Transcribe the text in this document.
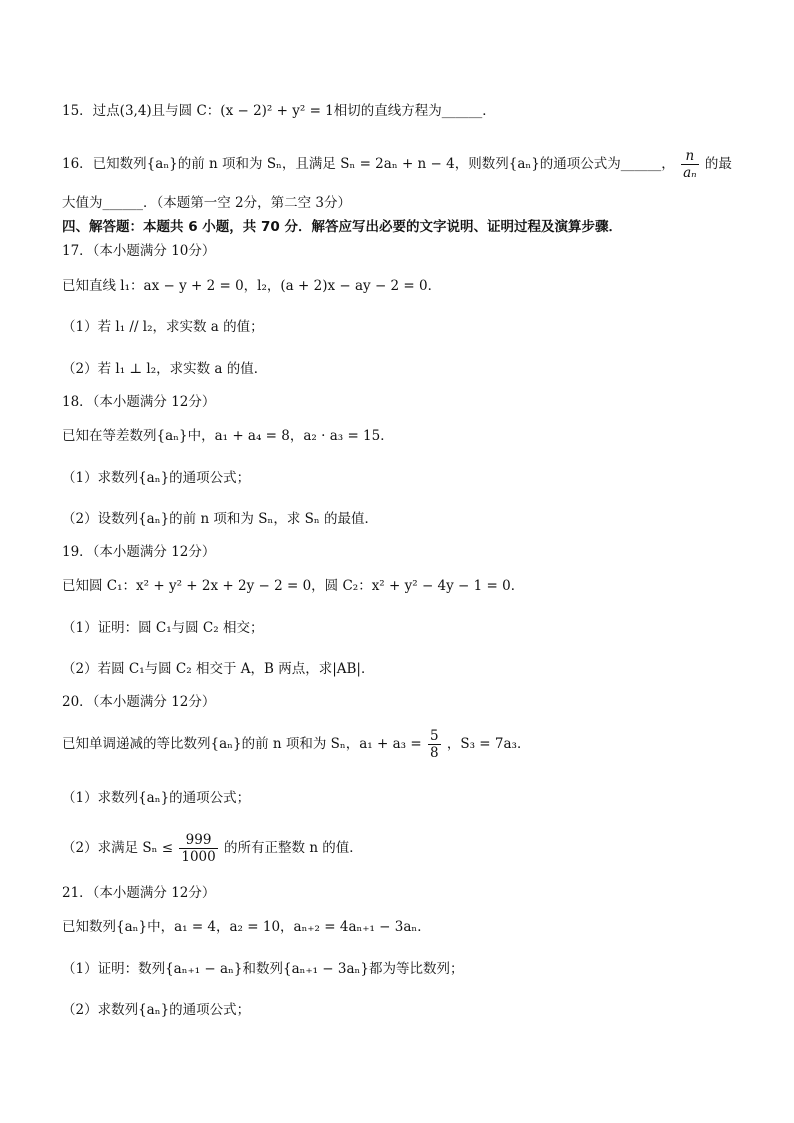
15．过点(3,4)且与圆 C：(x − 2)² + y² = 1相切的直线方程为______．
16．已知数列{aₙ}的前 n 项和为 Sₙ，且满足 Sₙ = 2aₙ + n − 4，则数列{aₙ}的通项公式为______， $\frac{n}{\text{aₙ}}$ 的最
大值为______．（本题第一空 2分，第二空 3分）
四、解答题：本题共 6 小题，共 70 分．解答应写出必要的文字说明、证明过程及演算步骤．
17．（本小题满分 10分）
已知直线 l₁：ax − y + 2 = 0，l₂，(a + 2)x − ay − 2 = 0．
（1）若 l₁ // l₂，求实数 a 的值；
（2）若 l₁ ⊥ l₂，求实数 a 的值．
18．（本小题满分 12分）
已知在等差数列{aₙ}中，a₁ + a₄ = 8，a₂ · a₃ = 15．
（1）求数列{aₙ}的通项公式；
（2）设数列{aₙ}的前 n 项和为 Sₙ，求 Sₙ 的最值．
19．（本小题满分 12分）
已知圆 C₁：x² + y² + 2x + 2y − 2 = 0，圆 C₂：x² + y² − 4y − 1 = 0．
（1）证明：圆 C₁与圆 C₂ 相交；
（2）若圆 C₁与圆 C₂ 相交于 A，B 两点，求|AB|．
20．（本小题满分 12分）
已知单调递减的等比数列{aₙ}的前 n 项和为 Sₙ，$a_1 + a_3 = \frac{5}{8}$ ，S₃ = 7a₃．
（1）求数列{aₙ}的通项公式；
（2）求满足 $S_n \le \frac{999}{1000}$ 的所有正整数 n 的值．
21．（本小题满分 12分）
已知数列{aₙ}中，a₁ = 4，a₂ = 10，aₙ₊₂ = 4aₙ₊₁ − 3aₙ．
（1）证明：数列{aₙ₊₁ − aₙ}和数列{aₙ₊₁ − 3aₙ}都为等比数列；
（2）求数列{aₙ}的通项公式；
